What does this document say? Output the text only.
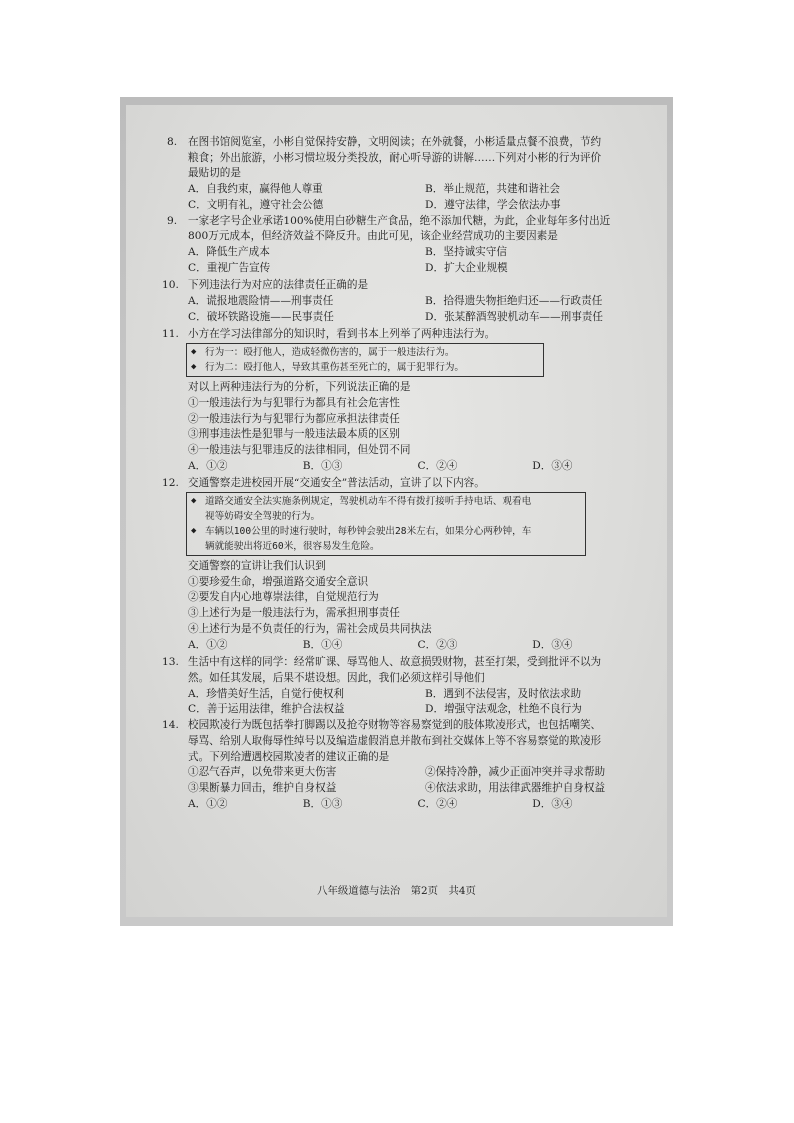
8. 在图书馆阅览室，小彬自觉保持安静，文明阅读；在外就餐，小彬适量点餐不浪费，节约
粮食；外出旅游，小彬习惯垃圾分类投放，耐心听导游的讲解……下列对小彬的行为评价
最贴切的是
A．自我约束，赢得他人尊重	B．举止规范，共建和谐社会
C．文明有礼，遵守社会公德	D．遵守法律，学会依法办事
9. 一家老字号企业承诺100%使用白砂糖生产食品，绝不添加代糖，为此，企业每年多付出近
800万元成本，但经济效益不降反升。由此可见，该企业经营成功的主要因素是
A．降低生产成本	B．坚持诚实守信
C．重视广告宣传	D．扩大企业规模
10. 下列违法行为对应的法律责任正确的是
A．谎报地震险情——刑事责任	B．拾得遗失物拒绝归还——行政责任
C．破坏铁路设施——民事责任	D．张某醉酒驾驶机动车——刑事责任
11. 小方在学习法律部分的知识时，看到书本上列举了两种违法行为。
◆ 行为一：殴打他人，造成轻微伤害的，属于一般违法行为。
◆ 行为二：殴打他人，导致其重伤甚至死亡的，属于犯罪行为。
对以上两种违法行为的分析，下列说法正确的是
①一般违法行为与犯罪行为都具有社会危害性
②一般违法行为与犯罪行为都应承担法律责任
③刑事违法性是犯罪与一般违法最本质的区别
④一般违法与犯罪违反的法律相同，但处罚不同
A．①②	B．①③	C．②④	D．③④
12. 交通警察走进校园开展“交通安全”普法活动，宣讲了以下内容。
◆ 道路交通安全法实施条例规定，驾驶机动车不得有拨打接听手持电话、观看电
视等妨碍安全驾驶的行为。
◆ 车辆以100公里的时速行驶时，每秒钟会驶出28米左右，如果分心两秒钟，车
辆就能驶出将近60米，很容易发生危险。
交通警察的宣讲让我们认识到
①要珍爱生命，增强道路交通安全意识
②要发自内心地尊崇法律，自觉规范行为
③上述行为是一般违法行为，需承担刑事责任
④上述行为是不负责任的行为，需社会成员共同执法
A．①②	B．①④	C．②③	D．③④
13. 生活中有这样的同学：经常旷课、辱骂他人、故意损毁财物，甚至打架，受到批评不以为
然。如任其发展，后果不堪设想。因此，我们必须这样引导他们
A．珍惜美好生活，自觉行使权利	B．遇到不法侵害，及时依法求助
C．善于运用法律，维护合法权益	D．增强守法观念，杜绝不良行为
14. 校园欺凌行为既包括拳打脚踢以及抢夺财物等容易察觉到的肢体欺凌形式，也包括嘲笑、
辱骂、给别人取侮辱性绰号以及编造虚假消息并散布到社交媒体上等不容易察觉的欺凌形
式。下列给遭遇校园欺凌者的建议正确的是
①忍气吞声，以免带来更大伤害	②保持冷静，减少正面冲突并寻求帮助
③果断暴力回击，维护自身权益	④依法求助，用法律武器维护自身权益
A．①②	B．①③	C．②④	D．③④
八年级道德与法治　第2页　共4页
